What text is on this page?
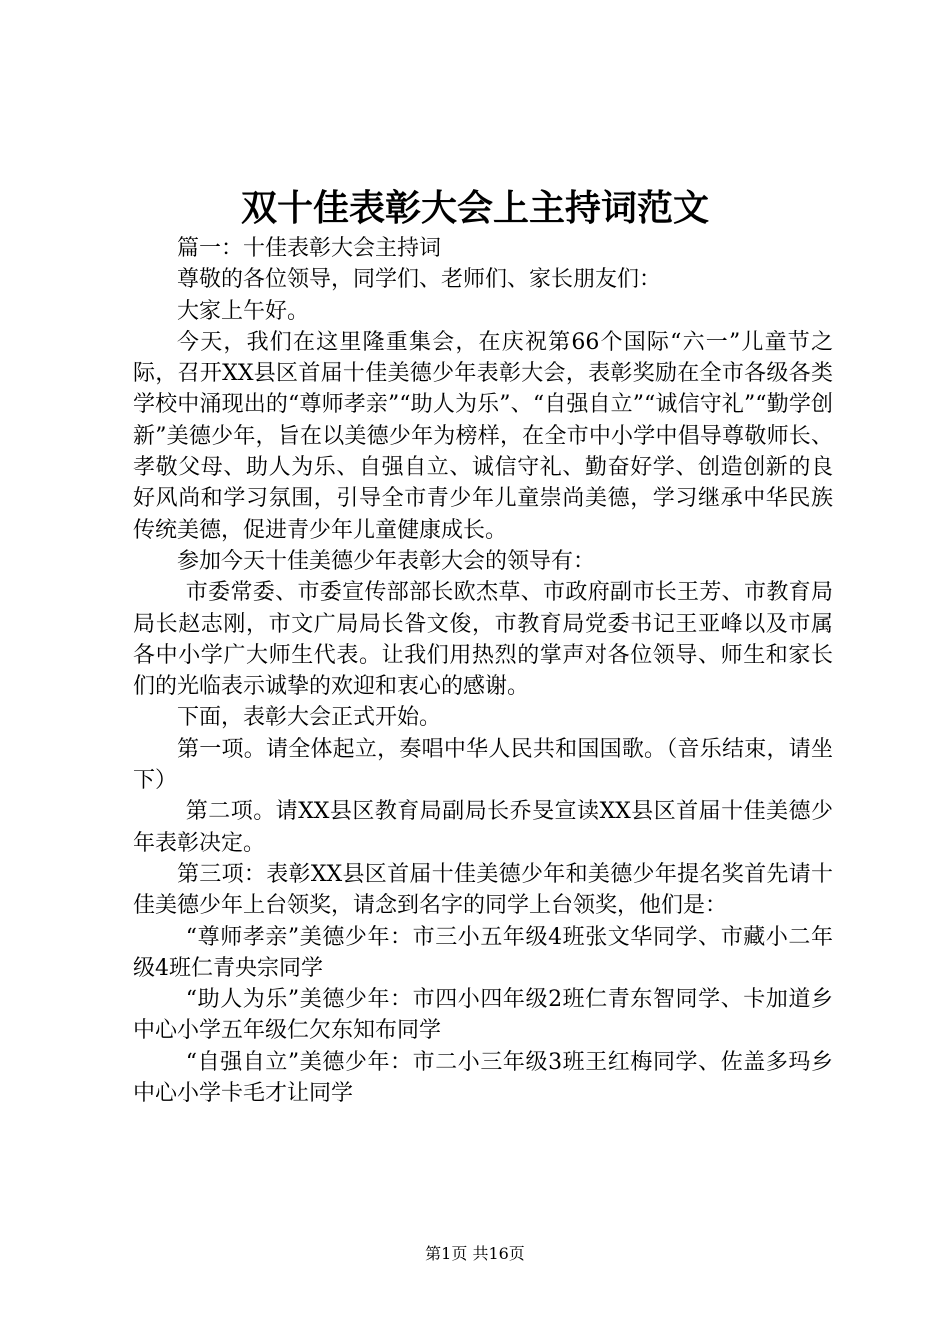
双十佳表彰大会上主持词范文

篇一：十佳表彰大会主持词

尊敬的各位领导，同学们、老师们、家长朋友们：

大家上午好。

今天，我们在这里隆重集会，在庆祝第66个国际“六一”儿童节之际，召开XX县区首届十佳美德少年表彰大会，表彰奖励在全市各级各类学校中涌现出的“尊师孝亲”“助人为乐”、“自强自立”“诚信守礼”“勤学创新”美德少年，旨在以美德少年为榜样，在全市中小学中倡导尊敬师长、孝敬父母、助人为乐、自强自立、诚信守礼、勤奋好学、创造创新的良好风尚和学习氛围，引导全市青少年儿童崇尚美德，学习继承中华民族传统美德，促进青少年儿童健康成长。

参加今天十佳美德少年表彰大会的领导有：

市委常委、市委宣传部部长欧杰草、市政府副市长王芳、市教育局局长赵志刚，市文广局局长昝文俊，市教育局党委书记王亚峰以及市属各中小学广大师生代表。让我们用热烈的掌声对各位领导、师生和家长们的光临表示诚挚的欢迎和衷心的感谢。

下面，表彰大会正式开始。

第一项。请全体起立，奏唱中华人民共和国国歌。（音乐结束，请坐下）

第二项。请XX县区教育局副局长乔旻宣读XX县区首届十佳美德少年表彰决定。

第三项：表彰XX县区首届十佳美德少年和美德少年提名奖首先请十佳美德少年上台领奖，请念到名字的同学上台领奖，他们是：

“尊师孝亲”美德少年：市三小五年级4班张文华同学、市藏小二年级4班仁青央宗同学

“助人为乐”美德少年：市四小四年级2班仁青东智同学、卡加道乡中心小学五年级仁欠东知布同学

“自强自立”美德少年：市二小三年级3班王红梅同学、佐盖多玛乡中心小学卡毛才让同学

第1页 共16页
